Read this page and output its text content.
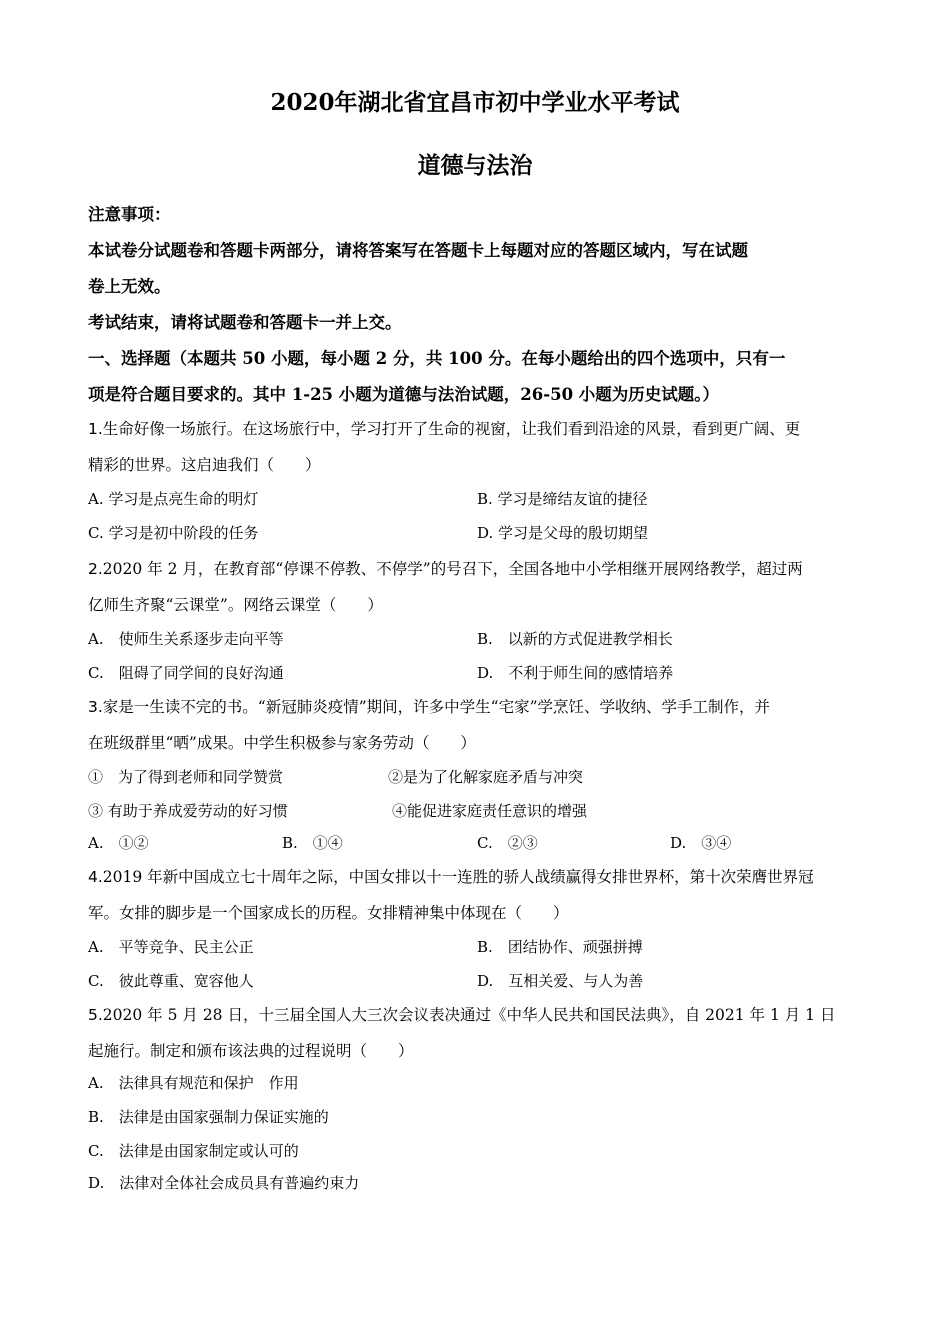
2020年湖北省宜昌市初中学业水平考试
道德与法治
注意事项：
本试卷分试题卷和答题卡两部分，请将答案写在答题卡上每题对应的答题区域内，写在试题
卷上无效。
考试结束，请将试题卷和答题卡一并上交。
一、选择题（本题共 50 小题，每小题 2 分，共 100 分。在每小题给出的四个选项中，只有一
项是符合题目要求的。其中 1-25 小题为道德与法治试题，26-50 小题为历史试题。）
1.生命好像一场旅行。在这场旅行中，学习打开了生命的视窗，让我们看到沿途的风景，看到更广阔、更
精彩的世界。这启迪我们（　　）
A. 学习是点亮生命的明灯	B. 学习是缔结友谊的捷径
C. 学习是初中阶段的任务	D. 学习是父母的殷切期望
2.2020 年 2 月，在教育部“停课不停教、不停学”的号召下，全国各地中小学相继开展网络教学，超过两
亿师生齐聚“云课堂”。网络云课堂（　　）
A.　使师生关系逐步走向平等	B.　以新的方式促进教学相长
C.　阻碍了同学间的良好沟通	D.　不利于师生间的感情培养
3.家是一生读不完的书。“新冠肺炎疫情”期间，许多中学生“宅家”学烹饪、学收纳、学手工制作，并
在班级群里“晒”成果。中学生积极参与家务劳动（　　）
①　为了得到老师和同学赞赏	②是为了化解家庭矛盾与冲突
③ 有助于养成爱劳动的好习惯	④能促进家庭责任意识的增强
A.　①②	B.　①④	C.　②③	D.　③④
4.2019 年新中国成立七十周年之际，中国女排以十一连胜的骄人战绩赢得女排世界杯，第十次荣膺世界冠
军。女排的脚步是一个国家成长的历程。女排精神集中体现在（　　）
A.　平等竞争、民主公正	B.　团结协作、顽强拼搏
C.　彼此尊重、宽容他人	D.　互相关爱、与人为善
5.2020 年 5 月 28 日，十三届全国人大三次会议表决通过《中华人民共和国民法典》，自 2021 年 1 月 1 日
起施行。制定和颁布该法典的过程说明（　　）
A.　法律具有规范和保护　作用
B.　法律是由国家强制力保证实施的
C.　法律是由国家制定或认可的
D.　法律对全体社会成员具有普遍约束力
